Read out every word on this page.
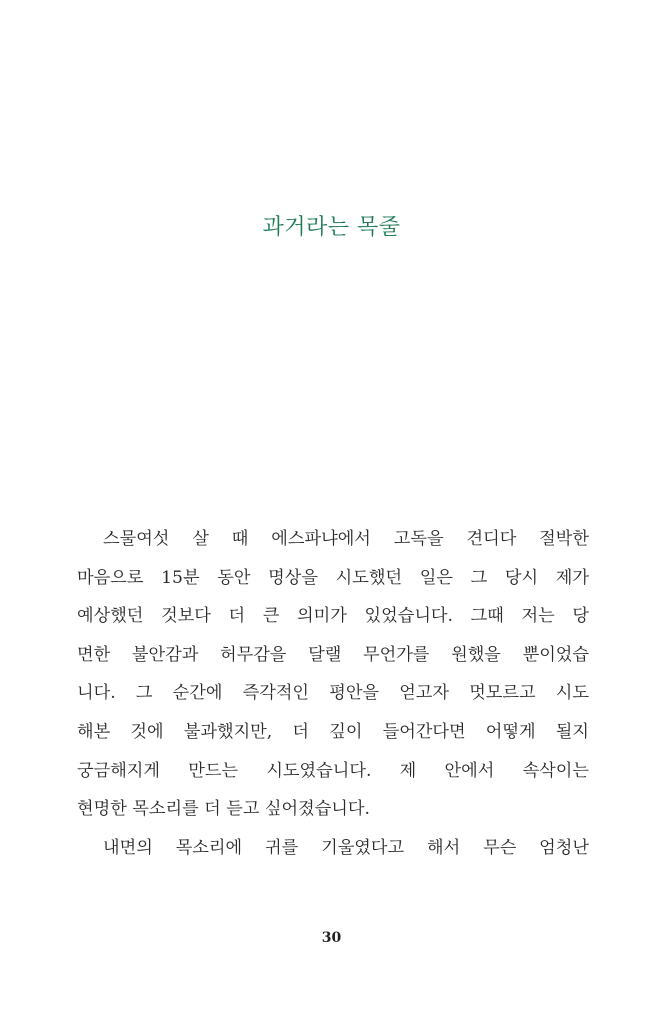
과거라는 목줄
스물여섯 살 때 에스파냐에서 고독을 견디다 절박한
마음으로 15분 동안 명상을 시도했던 일은 그 당시 제가
예상했던 것보다 더 큰 의미가 있었습니다. 그때 저는 당
면한 불안감과 허무감을 달랠 무언가를 원했을 뿐이었습
니다. 그 순간에 즉각적인 평안을 얻고자 멋모르고 시도
해본 것에 불과했지만, 더 깊이 들어간다면 어떻게 될지
궁금해지게 만드는 시도였습니다. 제 안에서 속삭이는
현명한 목소리를 더 듣고 싶어졌습니다.
내면의 목소리에 귀를 기울였다고 해서 무슨 엄청난
30
